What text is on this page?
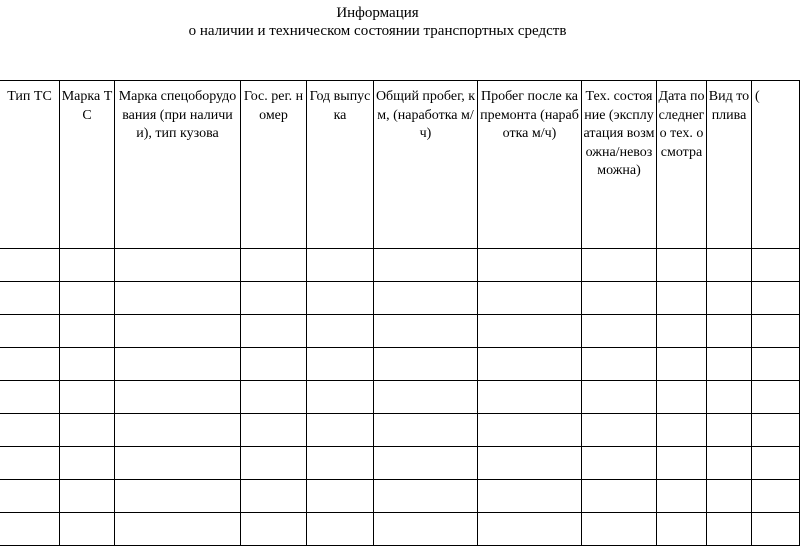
Информация
о наличии и техническом состоянии транспортных средств
Тип ТС	Марка ТС	Марка спецоборудования (при наличии), тип кузова	Гос. рег. номер	Год выпуска	Общий пробег, км, (наработка м/ч)	Пробег после капремонта (наработка м/ч)	Тех. состояние (эксплуатация возможна/невозможна)	Дата последнего тех. осмотра	Вид топлива	(
